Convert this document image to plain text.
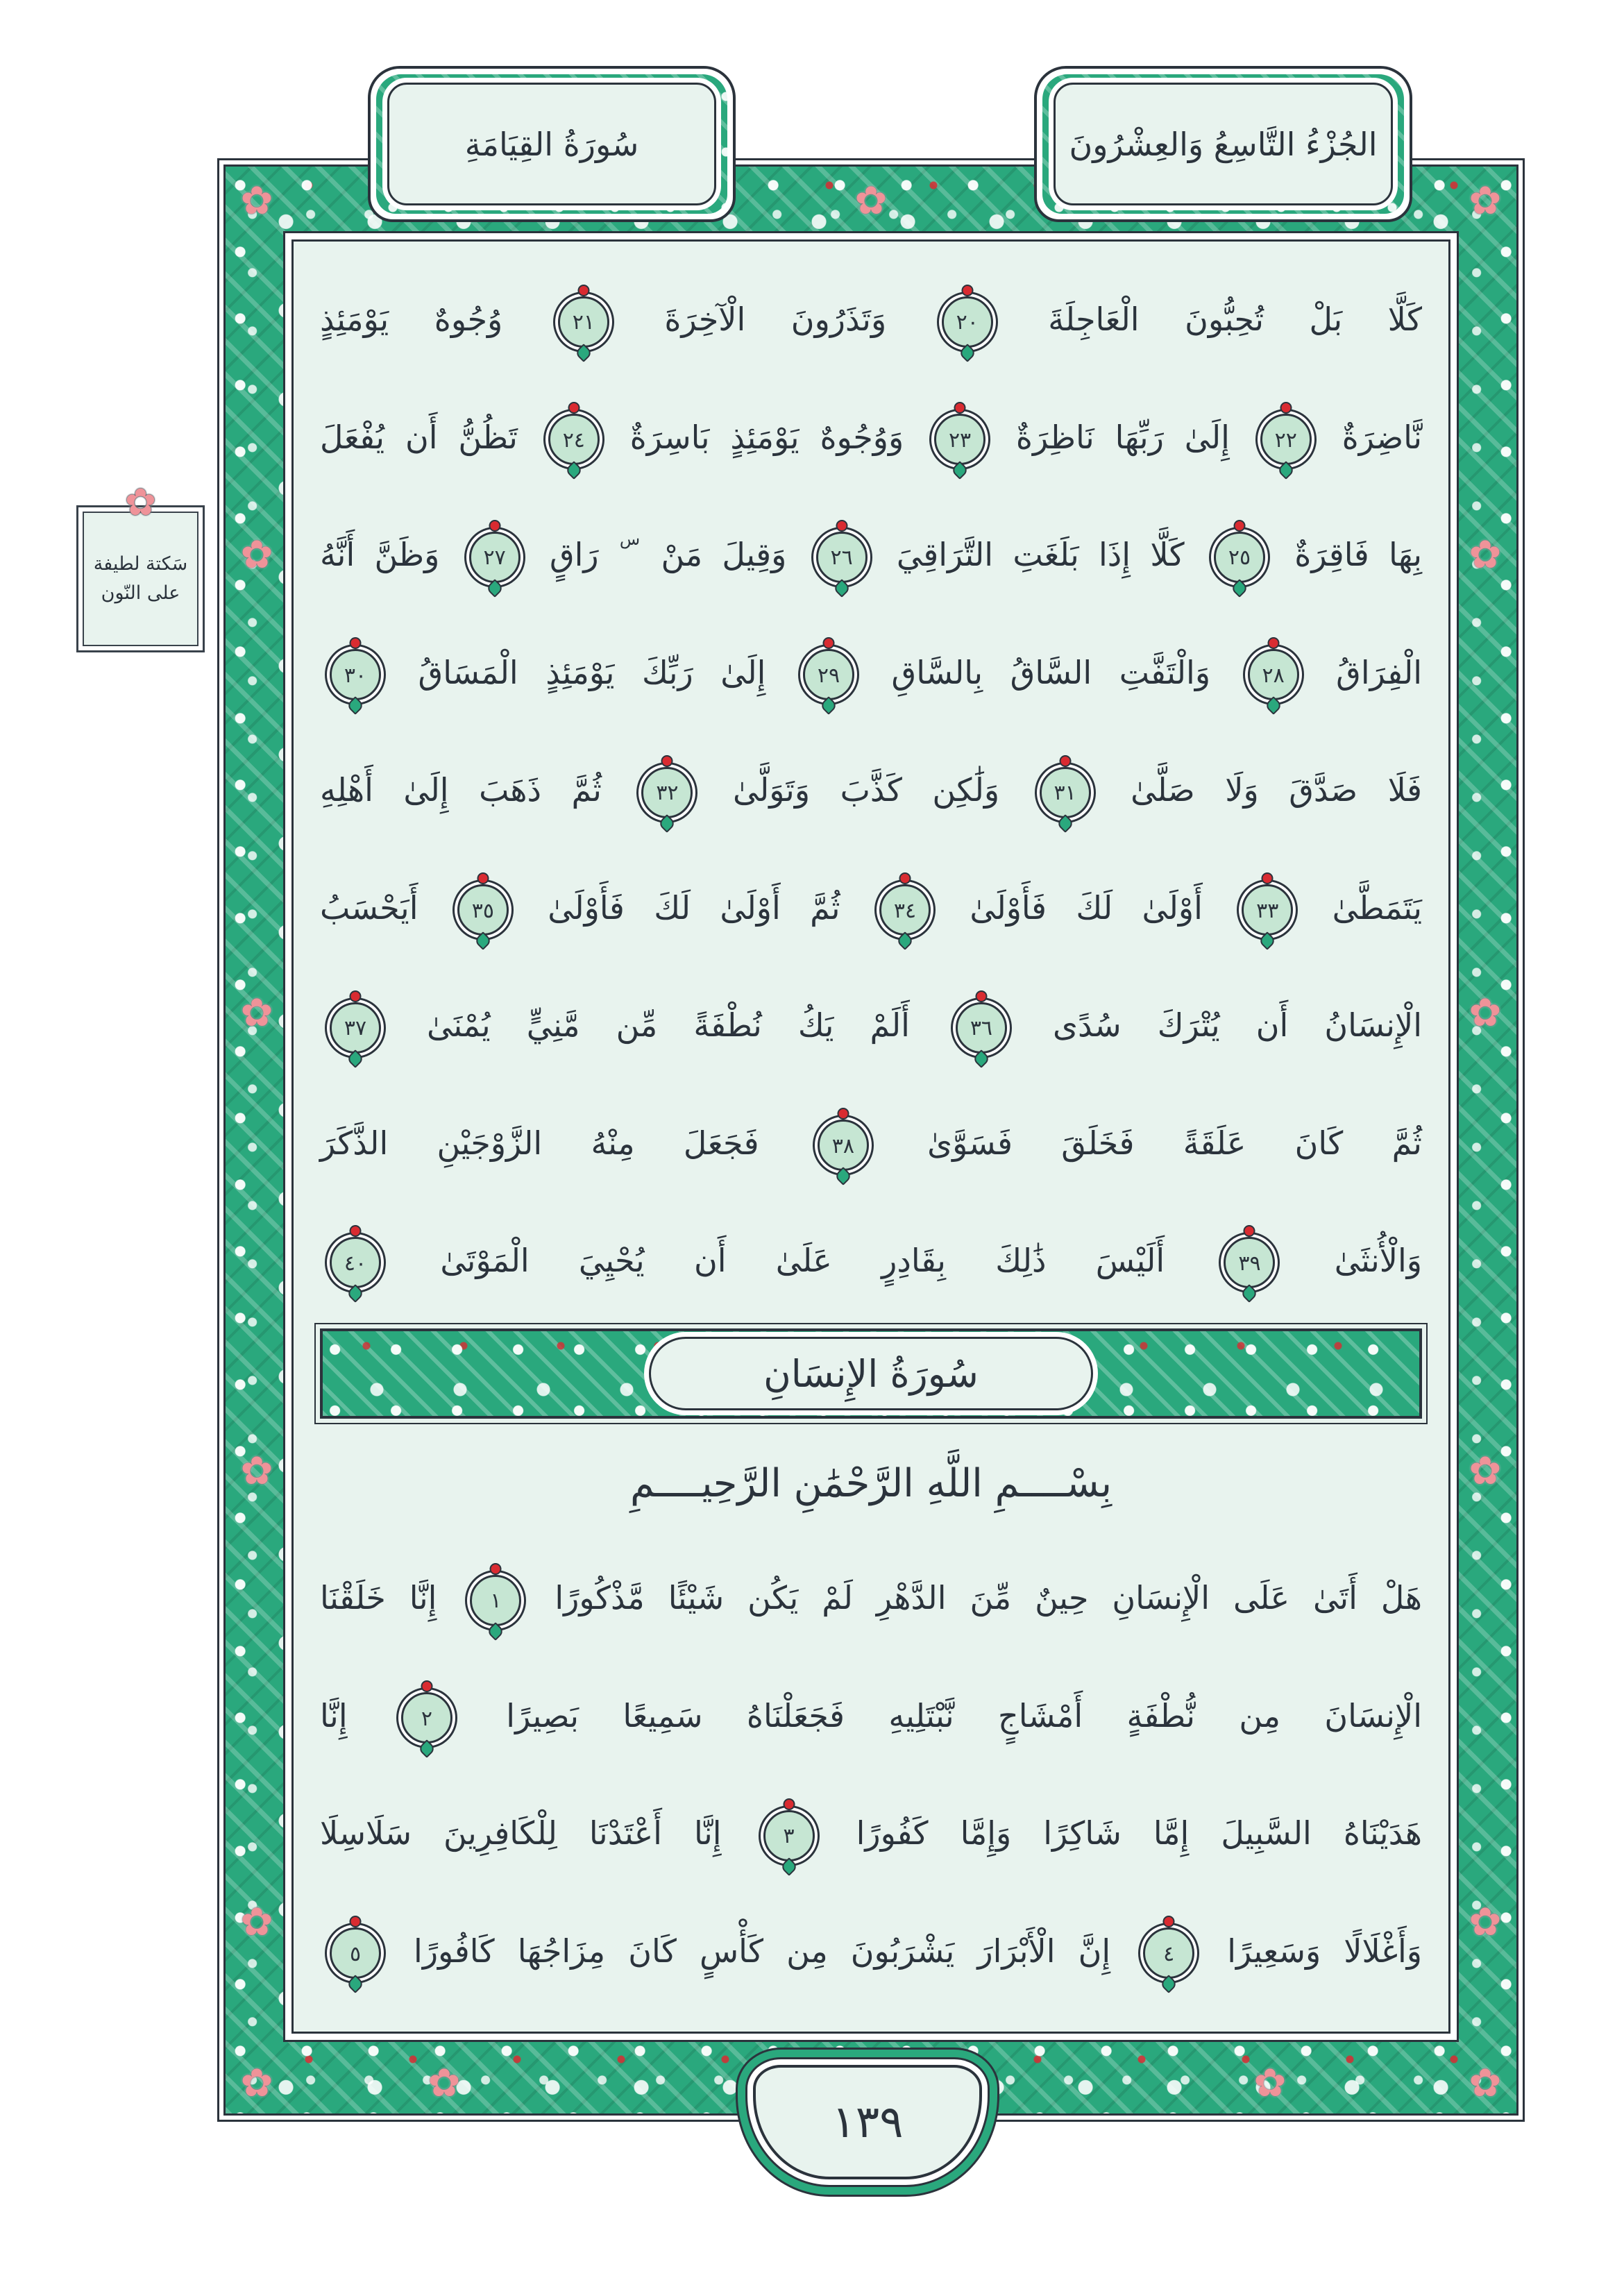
سُورَةُ القِيَامَةِ	الجُزْءُ التَّاسِعُ وَالعِشْرُونَ
كَلَّا بَلْ تُحِبُّونَ الْعَاجِلَةَ
٢٠
وَتَذَرُونَ الْآخِرَةَ
٢١
وُجُوهٌ يَوْمَئِذٍ
نَّاضِرَةٌ
٢٢
إِلَىٰ رَبِّهَا نَاظِرَةٌ
٢٣
وَوُجُوهٌ يَوْمَئِذٍ بَاسِرَةٌ
٢٤
تَظُنُّ أَن يُفْعَلَ
بِهَا فَاقِرَةٌ
٢٥
كَلَّا إِذَا بَلَغَتِ التَّرَاقِيَ
٢٦
وَقِيلَ مَنْ س رَاقٍ
٢٧
وَظَنَّ أَنَّهُ
الْفِرَاقُ
٢٨
وَالْتَفَّتِ السَّاقُ بِالسَّاقِ
٢٩
إِلَىٰ رَبِّكَ يَوْمَئِذٍ الْمَسَاقُ
٣٠
فَلَا صَدَّقَ وَلَا صَلَّىٰ
٣١
وَلَٰكِن كَذَّبَ وَتَوَلَّىٰ
٣٢
ثُمَّ ذَهَبَ إِلَىٰ أَهْلِهِ
يَتَمَطَّىٰ
٣٣
أَوْلَىٰ لَكَ فَأَوْلَىٰ
٣٤
ثُمَّ أَوْلَىٰ لَكَ فَأَوْلَىٰ
٣٥
أَيَحْسَبُ
الْإِنسَانُ أَن يُتْرَكَ سُدًى
٣٦
أَلَمْ يَكُ نُطْفَةً مِّن مَّنِيٍّ يُمْنَىٰ
٣٧
ثُمَّ كَانَ عَلَقَةً فَخَلَقَ فَسَوَّىٰ
٣٨
فَجَعَلَ مِنْهُ الزَّوْجَيْنِ الذَّكَرَ
وَالْأُنثَىٰ
٣٩
أَلَيْسَ ذَٰلِكَ بِقَادِرٍ عَلَىٰ أَن يُحْيِيَ الْمَوْتَىٰ
٤٠
سُورَةُ الإِنسَانِ
بِسْــــمِ اللَّهِ الرَّحْمَٰنِ الرَّحِيــــمِ
هَلْ أَتَىٰ عَلَى الْإِنسَانِ حِينٌ مِّنَ الدَّهْرِ لَمْ يَكُن شَيْئًا مَّذْكُورًا
١
إِنَّا خَلَقْنَا
الْإِنسَانَ مِن نُّطْفَةٍ أَمْشَاجٍ نَّبْتَلِيهِ فَجَعَلْنَاهُ سَمِيعًا بَصِيرًا
٢
إِنَّا
هَدَيْنَاهُ السَّبِيلَ إِمَّا شَاكِرًا وَإِمَّا كَفُورًا
٣
إِنَّا أَعْتَدْنَا لِلْكَافِرِينَ سَلَاسِلَا
وَأَغْلَالًا وَسَعِيرًا
٤
إِنَّ الْأَبْرَارَ يَشْرَبُونَ مِن كَأْسٍ كَانَ مِزَاجُهَا كَافُورًا
٥
✿
سَكتة لطيفة
على النّون
١٣٩
✿	✿	✿
✿
✿
✿
✿
✿
✿
✿
✿
✿	✿
✿	✿
